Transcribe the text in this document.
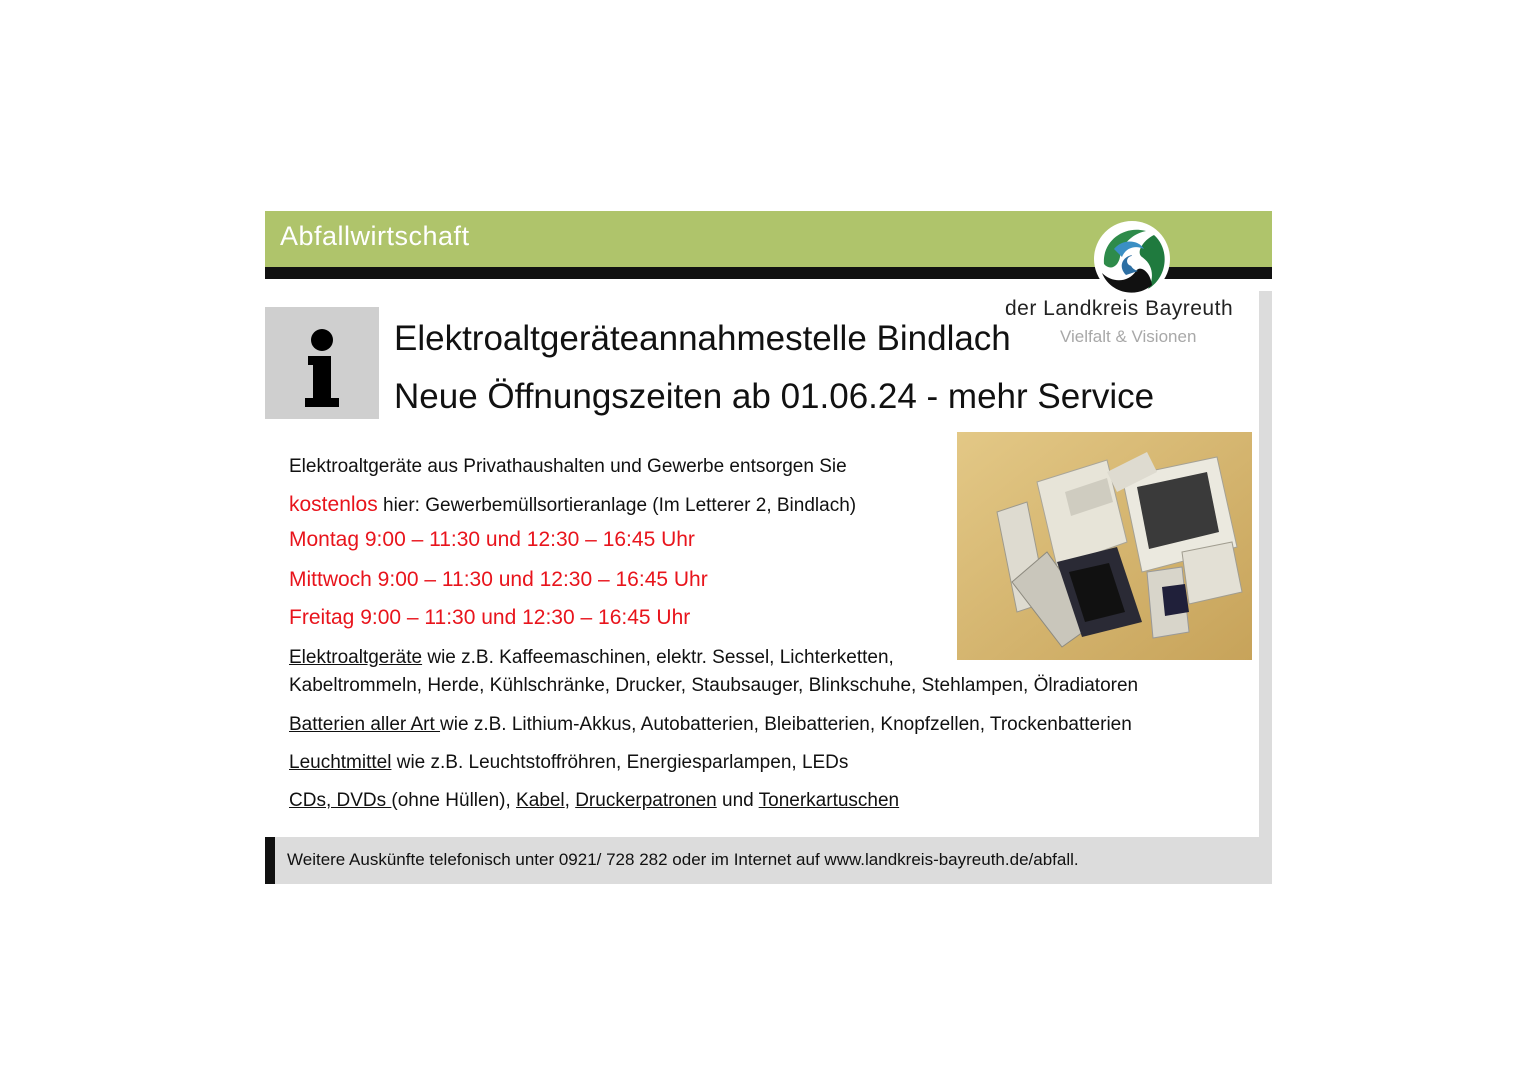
Abfallwirtschaft
der Landkreis Bayreuth
Vielfalt & Visionen
Elektroaltgeräteannahmestelle Bindlach
Neue Öffnungszeiten ab 01.06.24 - mehr Service
Elektroaltgeräte aus Privathaushalten und Gewerbe entsorgen Sie
kostenlos hier: Gewerbemüllsortieranlage (Im Letterer 2, Bindlach)
Montag 9:00 – 11:30 und 12:30 – 16:45 Uhr
Mittwoch 9:00 – 11:30 und 12:30 – 16:45 Uhr
Freitag 9:00 – 11:30 und 12:30 – 16:45 Uhr
Elektroaltgeräte wie z.B. Kaffeemaschinen, elektr. Sessel, Lichterketten,
Kabeltrommeln, Herde, Kühlschränke, Drucker, Staubsauger, Blinkschuhe, Stehlampen, Ölradiatoren
Batterien aller Art wie z.B. Lithium-Akkus, Autobatterien, Bleibatterien, Knopfzellen, Trockenbatterien
Leuchtmittel wie z.B. Leuchtstoffröhren, Energiesparlampen, LEDs
CDs, DVDs (ohne Hüllen), Kabel, Druckerpatronen und Tonerkartuschen
Weitere Auskünfte telefonisch unter 0921/ 728 282 oder im Internet auf www.landkreis-bayreuth.de/abfall.
